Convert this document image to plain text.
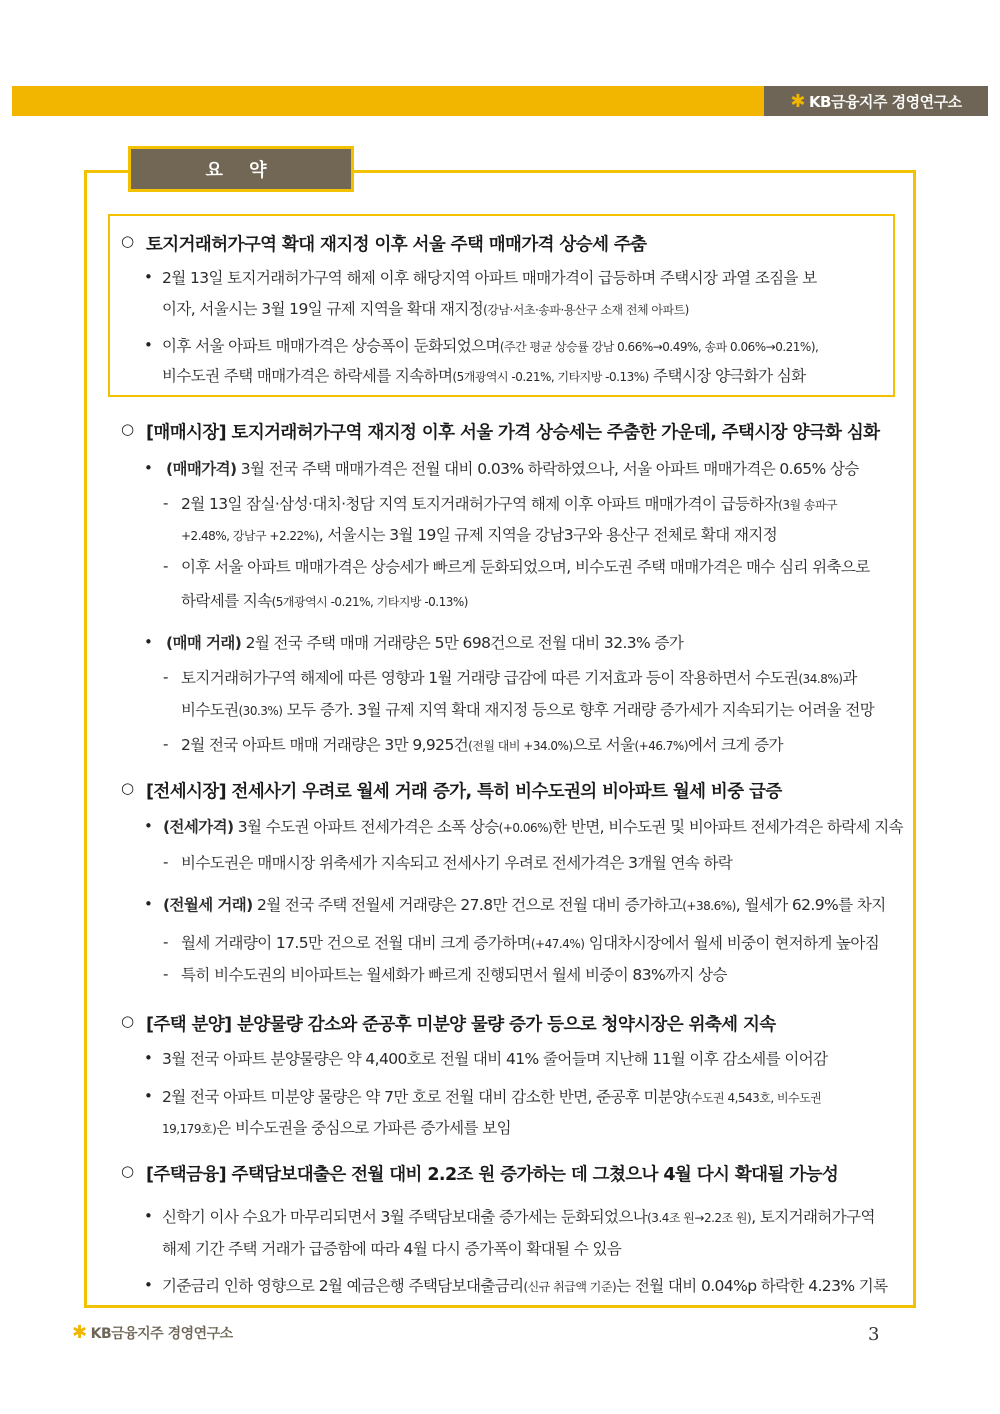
✱ KB금융지주 경영연구소
요 약
○ 토지거래허가구역 확대 재지정 이후 서울 주택 매매가격 상승세 주춤
• 2월 13일 토지거래허가구역 해제 이후 해당지역 아파트 매매가격이 급등하며 주택시장 과열 조짐을 보
이자, 서울시는 3월 19일 규제 지역을 확대 재지정(강남·서초·송파·용산구 소재 전체 아파트)
• 이후 서울 아파트 매매가격은 상승폭이 둔화되었으며(주간 평균 상승률 강남 0.66%→0.49%, 송파 0.06%→0.21%),
비수도권 주택 매매가격은 하락세를 지속하며(5개광역시 -0.21%, 기타지방 -0.13%) 주택시장 양극화가 심화
○ [매매시장] 토지거래허가구역 재지정 이후 서울 가격 상승세는 주춤한 가운데, 주택시장 양극화 심화
• (매매가격) 3월 전국 주택 매매가격은 전월 대비 0.03% 하락하였으나, 서울 아파트 매매가격은 0.65% 상승
- 2월 13일 잠실·삼성·대치·청담 지역 토지거래허가구역 해제 이후 아파트 매매가격이 급등하자(3월 송파구
+2.48%, 강남구 +2.22%), 서울시는 3월 19일 규제 지역을 강남3구와 용산구 전체로 확대 재지정
- 이후 서울 아파트 매매가격은 상승세가 빠르게 둔화되었으며, 비수도권 주택 매매가격은 매수 심리 위축으로
하락세를 지속(5개광역시 -0.21%, 기타지방 -0.13%)
• (매매 거래) 2월 전국 주택 매매 거래량은 5만 698건으로 전월 대비 32.3% 증가
- 토지거래허가구역 해제에 따른 영향과 1월 거래량 급감에 따른 기저효과 등이 작용하면서 수도권(34.8%)과
비수도권(30.3%) 모두 증가. 3월 규제 지역 확대 재지정 등으로 향후 거래량 증가세가 지속되기는 어려울 전망
- 2월 전국 아파트 매매 거래량은 3만 9,925건(전월 대비 +34.0%)으로 서울(+46.7%)에서 크게 증가
○ [전세시장] 전세사기 우려로 월세 거래 증가, 특히 비수도권의 비아파트 월세 비중 급증
• (전세가격) 3월 수도권 아파트 전세가격은 소폭 상승(+0.06%)한 반면, 비수도권 및 비아파트 전세가격은 하락세 지속
- 비수도권은 매매시장 위축세가 지속되고 전세사기 우려로 전세가격은 3개월 연속 하락
• (전월세 거래) 2월 전국 주택 전월세 거래량은 27.8만 건으로 전월 대비 증가하고(+38.6%), 월세가 62.9%를 차지
- 월세 거래량이 17.5만 건으로 전월 대비 크게 증가하며(+47.4%) 임대차시장에서 월세 비중이 현저하게 높아짐
- 특히 비수도권의 비아파트는 월세화가 빠르게 진행되면서 월세 비중이 83%까지 상승
○ [주택 분양] 분양물량 감소와 준공후 미분양 물량 증가 등으로 청약시장은 위축세 지속
• 3월 전국 아파트 분양물량은 약 4,400호로 전월 대비 41% 줄어들며 지난해 11월 이후 감소세를 이어감
• 2월 전국 아파트 미분양 물량은 약 7만 호로 전월 대비 감소한 반면, 준공후 미분양(수도권 4,543호, 비수도권
19,179호)은 비수도권을 중심으로 가파른 증가세를 보임
○ [주택금융] 주택담보대출은 전월 대비 2.2조 원 증가하는 데 그쳤으나 4월 다시 확대될 가능성
• 신학기 이사 수요가 마무리되면서 3월 주택담보대출 증가세는 둔화되었으나(3.4조 원→2.2조 원), 토지거래허가구역
해제 기간 주택 거래가 급증함에 따라 4월 다시 증가폭이 확대될 수 있음
• 기준금리 인하 영향으로 2월 예금은행 주택담보대출금리(신규 취급액 기준)는 전월 대비 0.04%p 하락한 4.23% 기록
✱ KB금융지주 경영연구소	3
